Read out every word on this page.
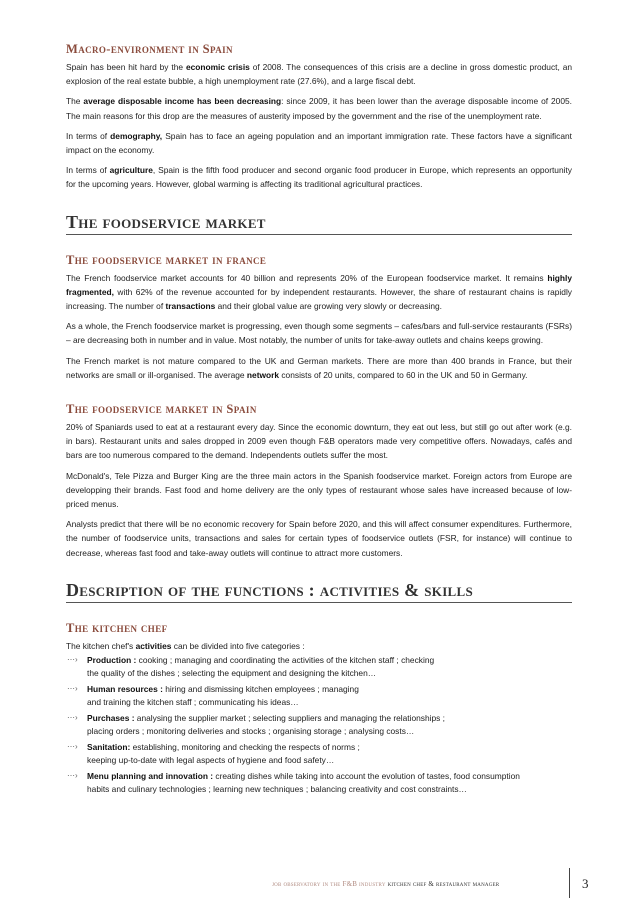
Macro-environment in Spain

Spain has been hit hard by the economic crisis of 2008. The consequences of this crisis are a decline in gross domestic product, an explosion of the real estate bubble, a high unemployment rate (27.6%), and a large fiscal debt.

The average disposable income has been decreasing: since 2009, it has been lower than the average disposable income of 2005. The main reasons for this drop are the measures of austerity imposed by the government and the rise of the unemployment rate.

In terms of demography, Spain has to face an ageing population and an important immigration rate. These factors have a significant impact on the economy.

In terms of agriculture, Spain is the fifth food producer and second organic food producer in Europe, which represents an opportunity for the upcoming years. However, global warming is affecting its traditional agricultural practices.

The foodservice market
The foodservice market in france

The French foodservice market accounts for 40 billion and represents 20% of the European foodservice market. It remains highly fragmented, with 62% of the revenue accounted for by independent restaurants. However, the share of restaurant chains is rapidly increasing. The number of transactions and their global value are growing very slowly or decreasing.

As a whole, the French foodservice market is progressing, even though some segments – cafes/bars and full-service restaurants (FSRs) – are decreasing both in number and in value. Most notably, the number of units for take-away outlets and chains keeps growing.

The French market is not mature compared to the UK and German markets. There are more than 400 brands in France, but their networks are small or ill-organised. The average network consists of 20 units, compared to 60 in the UK and 50 in Germany.

The foodservice market in Spain

20% of Spaniards used to eat at a restaurant every day. Since the economic downturn, they eat out less, but still go out after work (e.g. in bars). Restaurant units and sales dropped in 2009 even though F&B operators made very competitive offers. Nowadays, cafés and bars are too numerous compared to the demand. Independents outlets suffer the most.

McDonald's, Tele Pizza and Burger King are the three main actors in the Spanish foodservice market. Foreign actors from Europe are developping their brands. Fast food and home delivery are the only types of restaurant whose sales have increased because of low-priced menus.

Analysts predict that there will be no economic recovery for Spain before 2020, and this will affect consumer expenditures. Furthermore, the number of foodservice units, transactions and sales for certain types of foodservice outlets (FSR, for instance) will continue to decrease, whereas fast food and take-away outlets will continue to attract more customers.

Description of the functions : activities & skills
The kitchen chef

The kitchen chef's activities can be divided into five categories :

⋯› Production : cooking ; managing and coordinating the activities of the kitchen staff ; checking
the quality of the dishes ; selecting the equipment and designing the kitchen…
⋯› Human resources : hiring and dismissing kitchen employees ; managing
and training the kitchen staff ; communicating his ideas…
⋯› Purchases : analysing the supplier market ; selecting suppliers and managing the relationships ;
placing orders ; monitoring deliveries and stocks ; organising storage ; analysing costs…
⋯› Sanitation: establishing, monitoring and checking the respects of norms ;
keeping up-to-date with legal aspects of hygiene and food safety…
⋯› Menu planning and innovation : creating dishes while taking into account the evolution of tastes, food consumption
habits and culinary technologies ; learning new techniques ; balancing creativity and cost constraints…
job observatory in the F&B industry kitchen chef & restaurant manager	3
